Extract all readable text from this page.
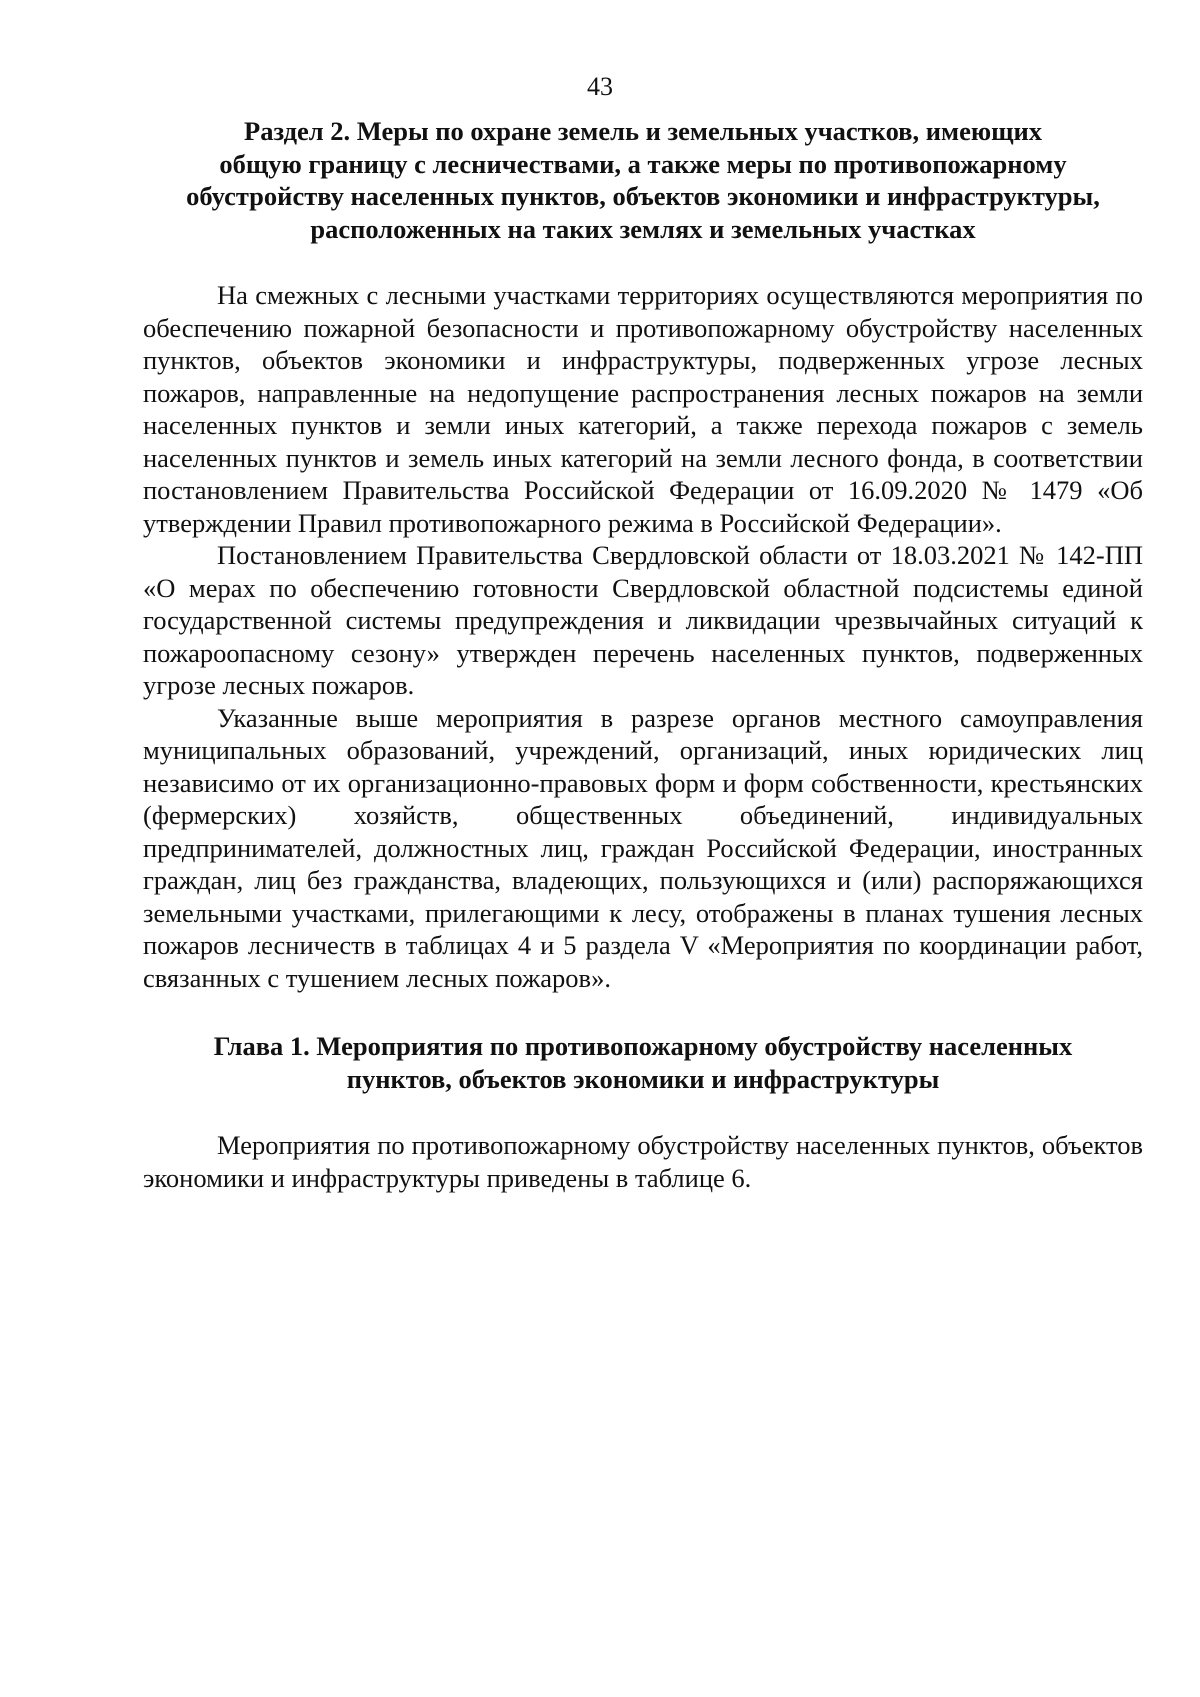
43
Раздел 2. Меры по охране земель и земельных участков, имеющих
общую границу с лесничествами, а также меры по противопожарному
обустройству населенных пунктов, объектов экономики и инфраструктуры,
расположенных на таких землях и земельных участках

На смежных с лесными участками территориях осуществляются мероприятия по обеспечению пожарной безопасности и противопожарному обустройству населенных пунктов, объектов экономики и инфраструктуры, подверженных угрозе лесных пожаров, направленные на недопущение распространения лесных пожаров на земли населенных пунктов и земли иных категорий, а также перехода пожаров с земель населенных пунктов и земель иных категорий на земли лесного фонда, в соответствии постановлением Правительства Российской Федерации от 16.09.2020 № 1479 «Об утверждении Правил противопожарного режима в Российской Федерации».

Постановлением Правительства Свердловской области от 18.03.2021 № 142-ПП «О мерах по обеспечению готовности Свердловской областной подсистемы единой государственной системы предупреждения и ликвидации чрезвычайных ситуаций к пожароопасному сезону» утвержден перечень населенных пунктов, подверженных угрозе лесных пожаров.

Указанные выше мероприятия в разрезе органов местного самоуправления муниципальных образований, учреждений, организаций, иных юридических лиц независимо от их организационно-правовых форм и форм собственности, крестьянских (фермерских) хозяйств, общественных объединений, индивидуальных предпринимателей, должностных лиц, граждан Российской Федерации, иностранных граждан, лиц без гражданства, владеющих, пользующихся и (или) распоряжающихся земельными участками, прилегающими к лесу, отображены в планах тушения лесных пожаров лесничеств в таблицах 4 и 5 раздела V «Мероприятия по координации работ, связанных с тушением лесных пожаров».

Глава 1. Мероприятия по противопожарному обустройству населенных
пунктов, объектов экономики и инфраструктуры

Мероприятия по противопожарному обустройству населенных пунктов, объектов экономики и инфраструктуры приведены в таблице 6.
